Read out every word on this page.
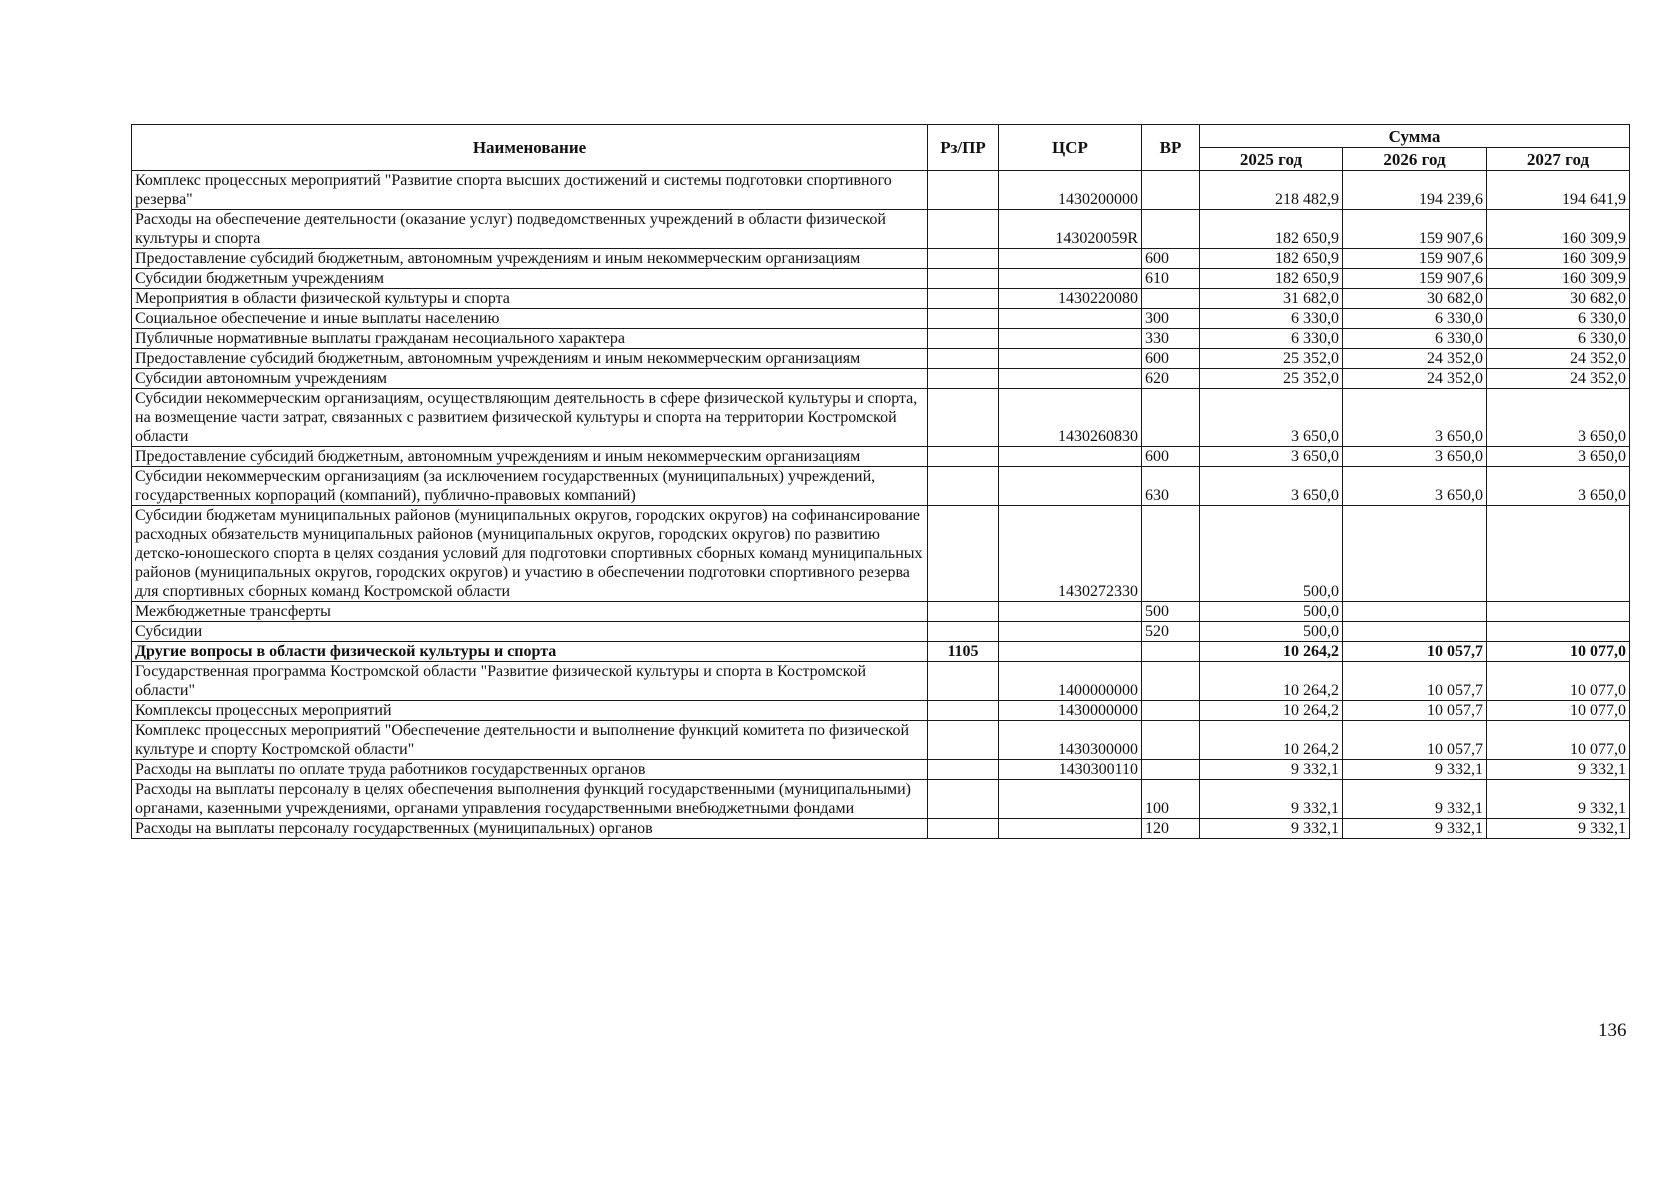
Наименование	Рз/ПР	ЦСР	ВР	Сумма		
				2025 год	2026 год	2027 год
Комплекс процессных мероприятий "Развитие спорта высших достижений и системы подготовки спортивного резерва"		1430200000		218 482,9	194 239,6	194 641,9
Расходы на обеспечение деятельности (оказание услуг) подведомственных учреждений в области физической культуры и спорта		143020059R		182 650,9	159 907,6	160 309,9
Предоставление субсидий бюджетным, автономным учреждениям и иным некоммерческим организациям			600	182 650,9	159 907,6	160 309,9
Субсидии бюджетным учреждениям			610	182 650,9	159 907,6	160 309,9
Мероприятия в области физической культуры и спорта		1430220080		31 682,0	30 682,0	30 682,0
Социальное обеспечение и иные выплаты населению			300	6 330,0	6 330,0	6 330,0
Публичные нормативные выплаты гражданам несоциального характера			330	6 330,0	6 330,0	6 330,0
Предоставление субсидий бюджетным, автономным учреждениям и иным некоммерческим организациям			600	25 352,0	24 352,0	24 352,0
Субсидии автономным учреждениям			620	25 352,0	24 352,0	24 352,0
Субсидии некоммерческим организациям, осуществляющим деятельность в сфере физической культуры и спорта, на возмещение части затрат, связанных с развитием физической культуры и спорта на территории Костромской области		1430260830		3 650,0	3 650,0	3 650,0
Предоставление субсидий бюджетным, автономным учреждениям и иным некоммерческим организациям			600	3 650,0	3 650,0	3 650,0
Субсидии некоммерческим организациям (за исключением государственных (муниципальных) учреждений, государственных корпораций (компаний), публично-правовых компаний)			630	3 650,0	3 650,0	3 650,0
Субсидии бюджетам муниципальных районов (муниципальных округов, городских округов) на софинансирование расходных обязательств муниципальных районов (муниципальных округов, городских округов) по развитию детско-юношеского спорта в целях создания условий для подготовки спортивных сборных команд муниципальных районов (муниципальных округов, городских округов) и участию в обеспечении подготовки спортивного резерва для спортивных сборных команд Костромской области		1430272330		500,0		
Межбюджетные трансферты			500	500,0		
Субсидии			520	500,0		
Другие вопросы в области физической культуры и спорта	1105			10 264,2	10 057,7	10 077,0
Государственная программа Костромской области "Развитие физической культуры и спорта в Костромской области"		1400000000		10 264,2	10 057,7	10 077,0
Комплексы процессных мероприятий		1430000000		10 264,2	10 057,7	10 077,0
Комплекс процессных мероприятий "Обеспечение деятельности и выполнение функций комитета по физической культуре и спорту Костромской области"		1430300000		10 264,2	10 057,7	10 077,0
Расходы на выплаты по оплате труда работников государственных органов		1430300110		9 332,1	9 332,1	9 332,1
Расходы на выплаты персоналу в целях обеспечения выполнения функций государственными (муниципальными) органами, казенными учреждениями, органами управления государственными внебюджетными фондами			100	9 332,1	9 332,1	9 332,1
Расходы на выплаты персоналу государственных (муниципальных) органов			120	9 332,1	9 332,1	9 332,1
136
